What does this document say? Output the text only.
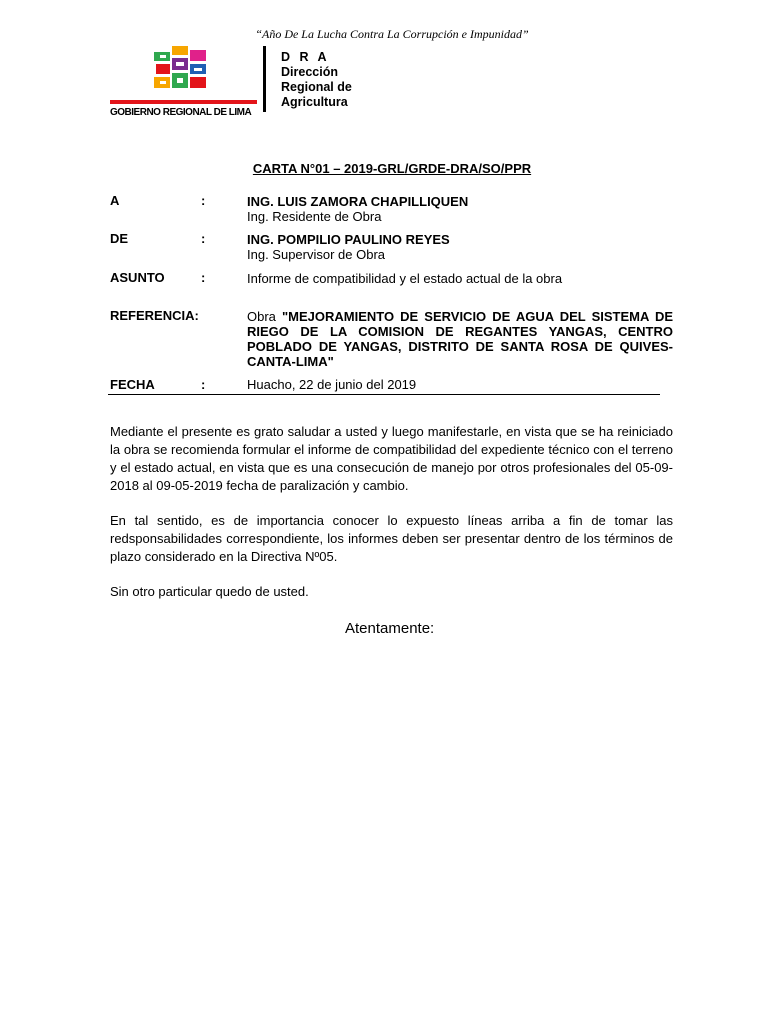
“Año De La Lucha Contra La Corrupción e Impunidad”
GOBIERNO REGIONAL DE LIMA
D R A
Dirección
Regional de
Agricultura
CARTA N°01 – 2019-GRL/GRDE-DRA/SO/PPR
A	:	ING. LUIS ZAMORA CHAPILLIQUEN
Ing. Residente de Obra
DE	:	ING. POMPILIO PAULINO REYES
Ing. Supervisor de Obra
ASUNTO	:	Informe de compatibilidad y el estado actual de la obra
REFERENCIA:	Obra "MEJORAMIENTO DE SERVICIO DE AGUA DEL SISTEMA DE RIEGO DE LA COMISION DE REGANTES YANGAS, CENTRO POBLADO DE YANGAS, DISTRITO DE SANTA ROSA DE QUIVES-CANTA-LIMA"
FECHA	:	Huacho, 22 de junio del 2019

Mediante el presente es grato saludar a usted y luego manifestarle, en vista que se ha reiniciado la obra se recomienda formular el informe de compatibilidad del expediente técnico con el terreno y el estado actual, en vista que es una consecución de manejo por otros profesionales del 05-09-2018 al 09-05-2019 fecha de paralización y cambio.

En tal sentido, es de importancia conocer lo expuesto líneas arriba a fin de tomar las redsponsabilidades correspondiente, los informes deben ser presentar dentro de los términos de plazo considerado en la Directiva Nº05.

Sin otro particular quedo de usted.

Atentamente:
